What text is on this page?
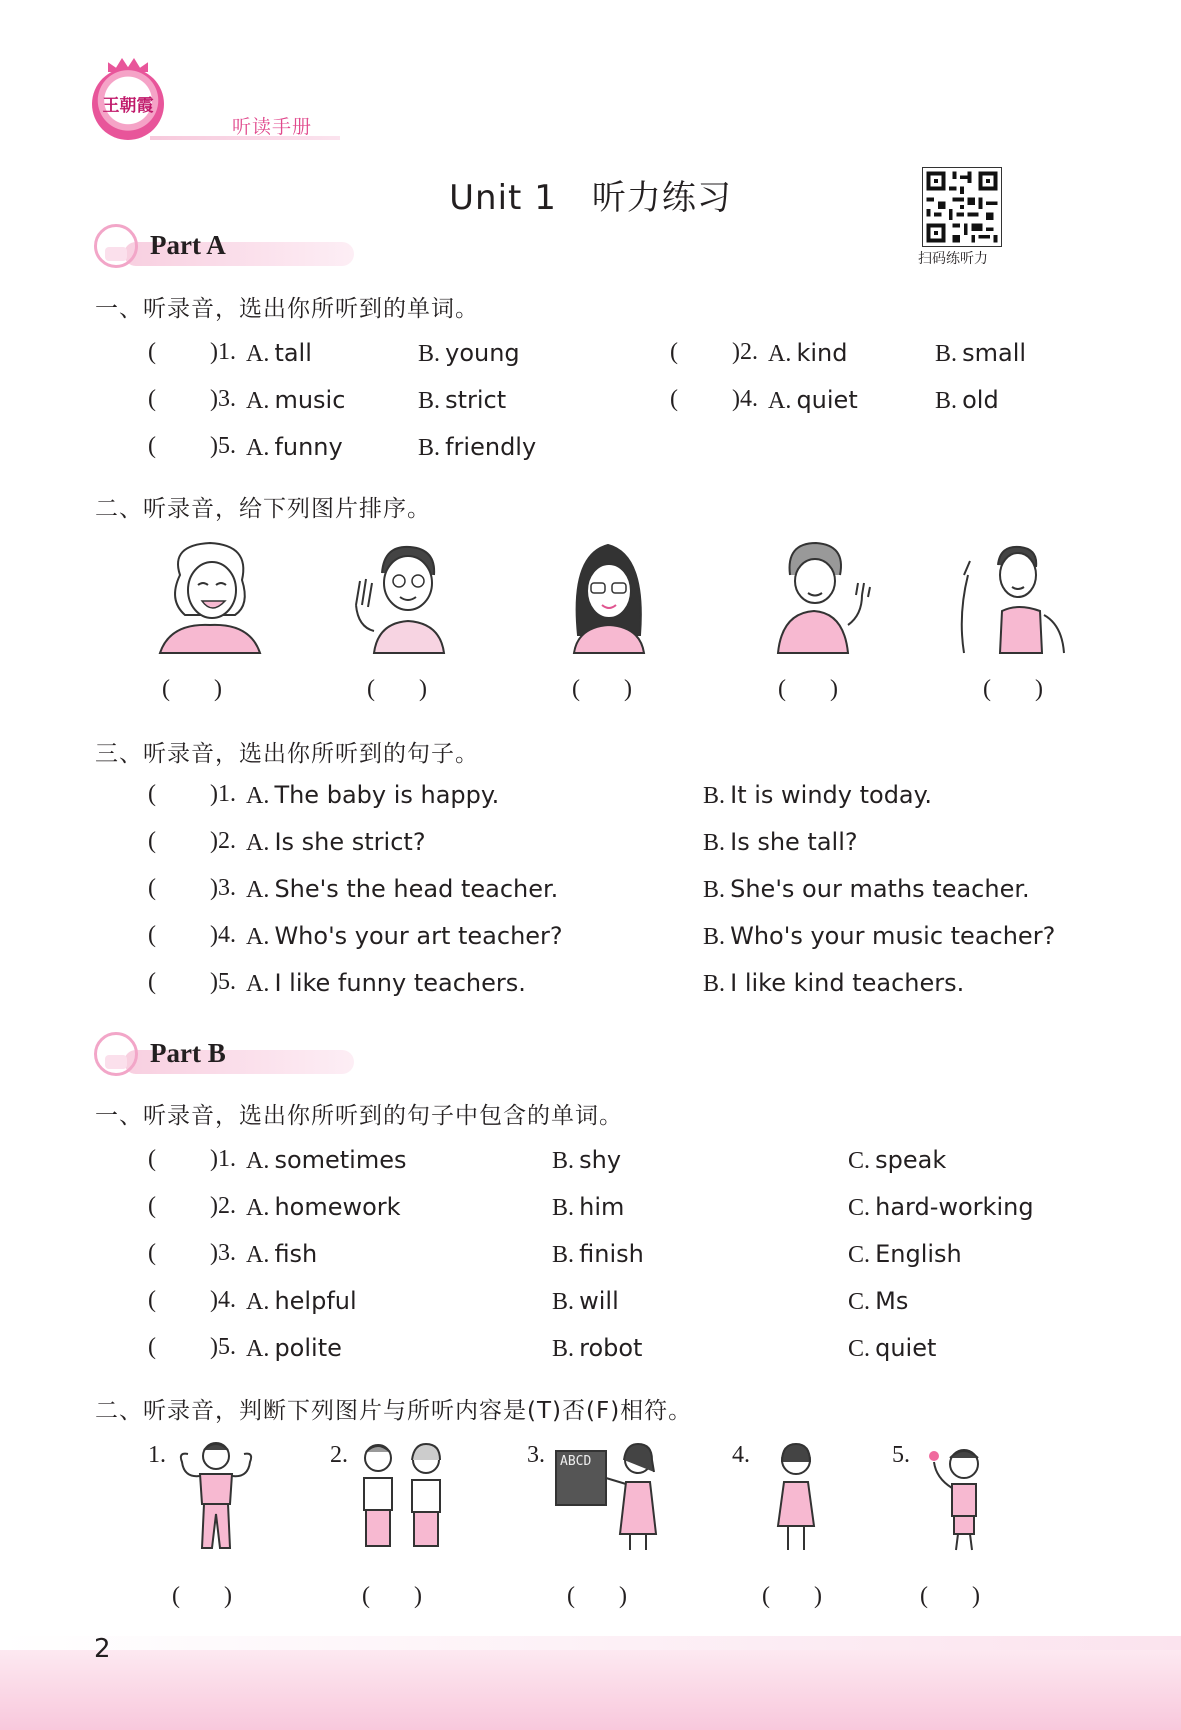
王朝霞
听读手册
Unit 1　听力练习
扫码练听力
Part A
一、听录音，选出你所听到的单词。
( )1. A. tall	B. young	( )2. A. kind	B. small
( )3. A. music	B. strict	( )4. A. quiet	B. old
( )5. A. funny	B. friendly
二、听录音，给下列图片排序。
( )	( )	( )	( )	( )
三、听录音，选出你所听到的句子。
( )1. A. The baby is happy.	B. It is windy today.
( )2. A. Is she strict?	B. Is she tall?
( )3. A. She's the head teacher.	B. She's our maths teacher.
( )4. A. Who's your art teacher?	B. Who's your music teacher?
( )5. A. I like funny teachers.	B. I like kind teachers.
Part B
一、听录音，选出你所听到的句子中包含的单词。
( )1. A. sometimes	B. shy	C. speak
( )2. A. homework	B. him	C. hard-working
( )3. A. fish	B. finish	C. English
( )4. A. helpful	B. will	C. Ms
( )5. A. polite	B. robot	C. quiet
二、听录音，判断下列图片与所听内容是(T)否(F)相符。
1.	2.	3. ABCD	4.	5.
( )	( )	( )	( )	( )
2
